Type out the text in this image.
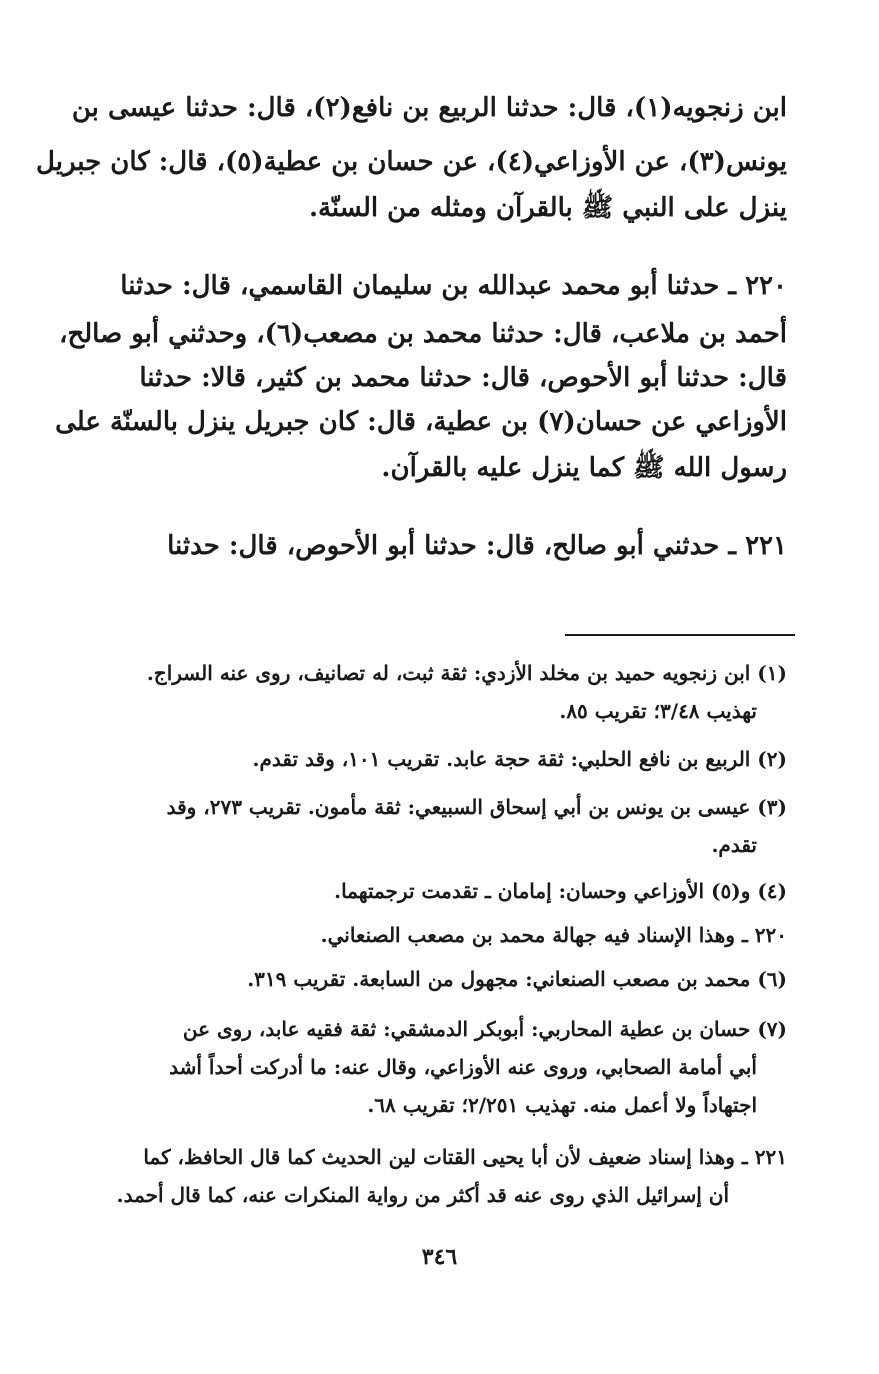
ابن زنجويه(١)، قال: حدثنا الربيع بن نافع(٢)، قال: حدثنا عيسى بن
يونس(٣)، عن الأوزاعي(٤)، عن حسان بن عطية(٥)، قال: كان جبريل
ينزل على النبي ﷺ بالقرآن ومثله من السنّة.
٢٢٠ ـ حدثنا أبو محمد عبدالله بن سليمان القاسمي، قال: حدثنا
أحمد بن ملاعب، قال: حدثنا محمد بن مصعب(٦)، وحدثني أبو صالح،
قال: حدثنا أبو الأحوص، قال: حدثنا محمد بن كثير، قالا: حدثنا
الأوزاعي عن حسان(٧) بن عطية، قال: كان جبريل ينزل بالسنّة على
رسول الله ﷺ كما ينزل عليه بالقرآن.
٢٢١ ـ حدثني أبو صالح، قال: حدثنا أبو الأحوص، قال: حدثنا
(١) ابن زنجويه حميد بن مخلد الأزدي: ثقة ثبت، له تصانيف، روى عنه السراج.
تهذيب ٣/٤٨؛ تقريب ٨٥.
(٢) الربيع بن نافع الحلبي: ثقة حجة عابد. تقريب ١٠١، وقد تقدم.
(٣) عيسى بن يونس بن أبي إسحاق السبيعي: ثقة مأمون. تقريب ٢٧٣، وقد
تقدم.
(٤) و(٥) الأوزاعي وحسان: إمامان ـ تقدمت ترجمتهما.
٢٢٠ ـ وهذا الإسناد فيه جهالة محمد بن مصعب الصنعاني.
(٦) محمد بن مصعب الصنعاني: مجهول من السابعة. تقريب ٣١٩.
(٧) حسان بن عطية المحاربي: أبوبكر الدمشقي: ثقة فقيه عابد، روى عن
أبي أمامة الصحابي، وروى عنه الأوزاعي، وقال عنه: ما أدركت أحداً أشد
اجتهاداً ولا أعمل منه. تهذيب ٢/٢٥١؛ تقريب ٦٨.
٢٢١ ـ وهذا إسناد ضعيف لأن أبا يحيى القتات لين الحديث كما قال الحافظ، كما
أن إسرائيل الذي روى عنه قد أكثر من رواية المنكرات عنه، كما قال أحمد.
٣٤٦
